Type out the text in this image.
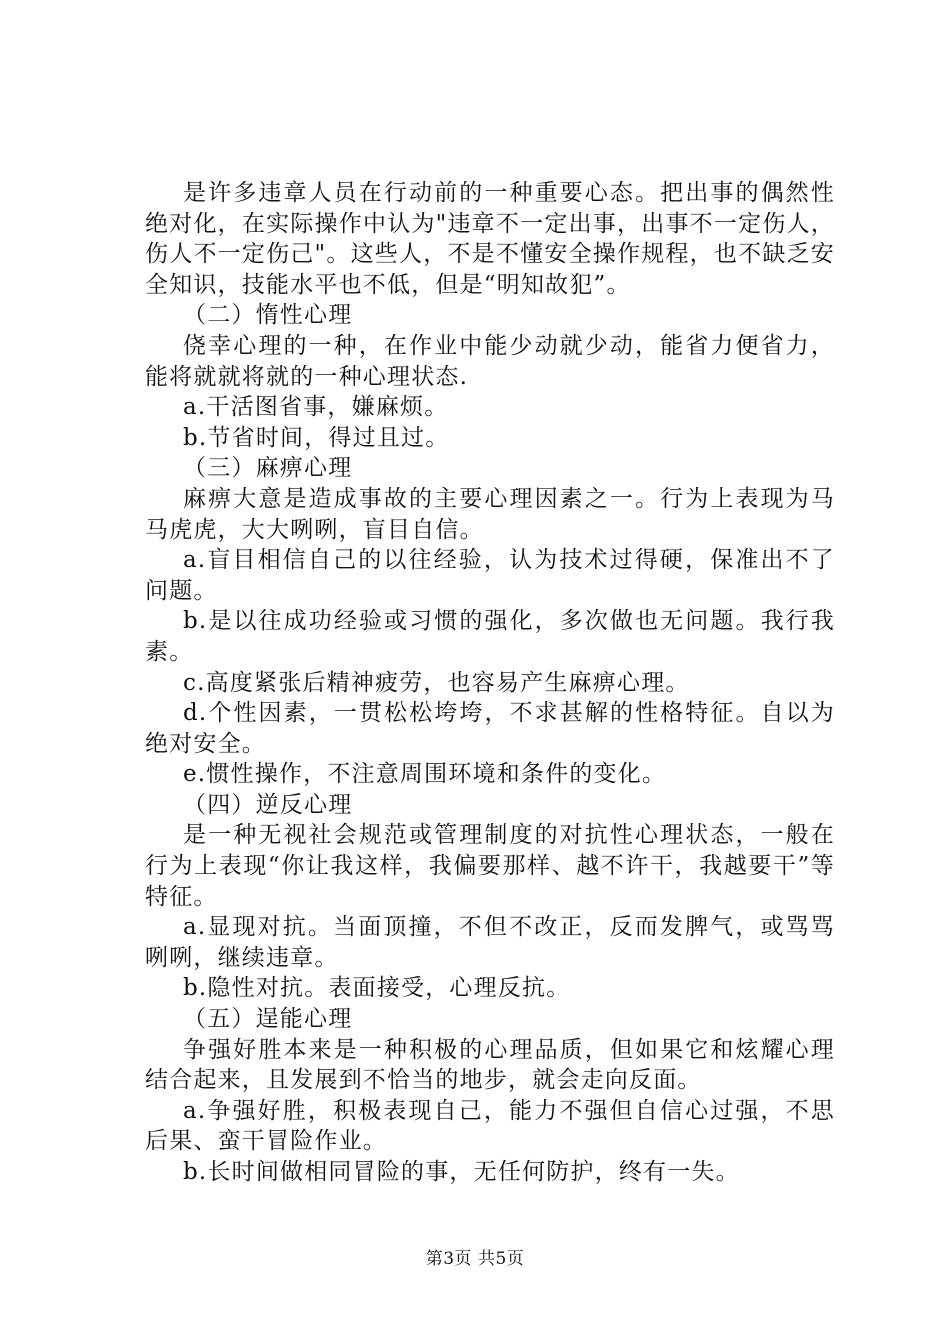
是许多违章人员在行动前的一种重要心态。把出事的偶然性绝对化，在实际操作中认为"违章不一定出事，出事不一定伤人，伤人不一定伤己"。这些人，不是不懂安全操作规程，也不缺乏安全知识，技能水平也不低，但是“明知故犯”。

（二）惰性心理

侥幸心理的一种，在作业中能少动就少动，能省力便省力，能将就就将就的一种心理状态.

a.干活图省事，嫌麻烦。

b.节省时间，得过且过。

（三）麻痹心理

麻痹大意是造成事故的主要心理因素之一。行为上表现为马马虎虎，大大咧咧，盲目自信。

a.盲目相信自己的以往经验，认为技术过得硬，保准出不了问题。

b.是以往成功经验或习惯的强化，多次做也无问题。我行我素。

c.高度紧张后精神疲劳，也容易产生麻痹心理。

d.个性因素，一贯松松垮垮，不求甚解的性格特征。自以为绝对安全。

e.惯性操作，不注意周围环境和条件的变化。

（四）逆反心理

是一种无视社会规范或管理制度的对抗性心理状态，一般在行为上表现“你让我这样，我偏要那样、越不许干，我越要干”等特征。

a.显现对抗。当面顶撞，不但不改正，反而发脾气，或骂骂咧咧，继续违章。

b.隐性对抗。表面接受，心理反抗。

（五）逞能心理

争强好胜本来是一种积极的心理品质，但如果它和炫耀心理结合起来，且发展到不恰当的地步，就会走向反面。

a.争强好胜，积极表现自己，能力不强但自信心过强，不思后果、蛮干冒险作业。

b.长时间做相同冒险的事，无任何防护，终有一失。

第3页 共5页
